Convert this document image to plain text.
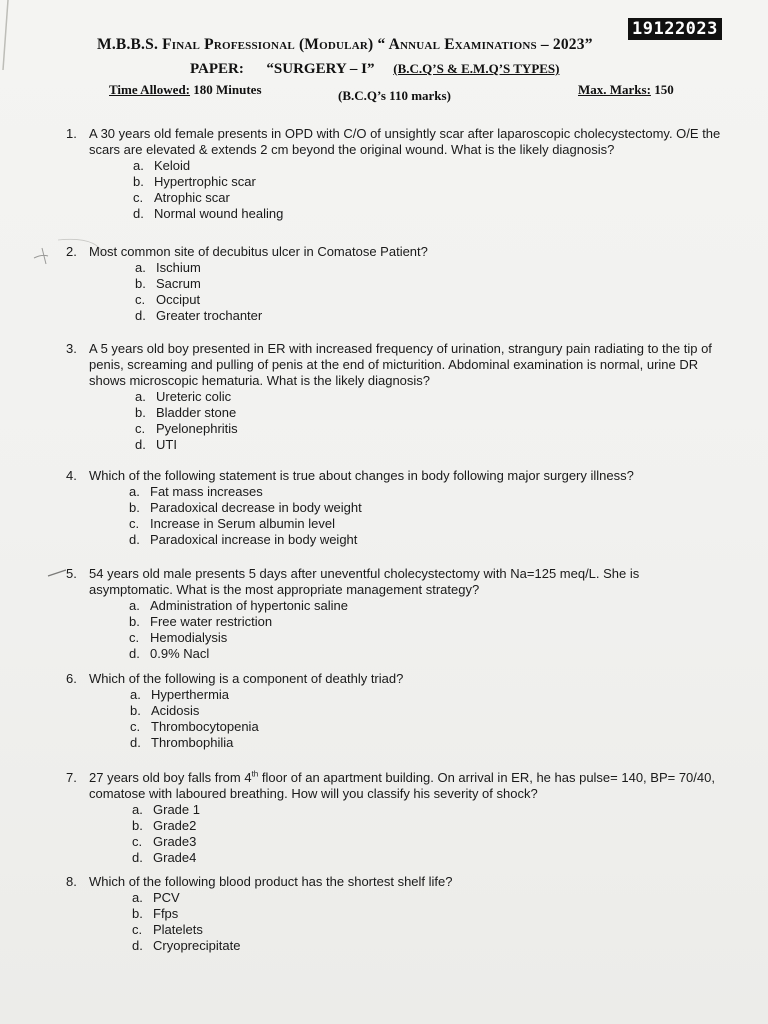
19122023
M.B.B.S. Final Professional (Modular) “ Annual Examinations – 2023”
PAPER: “SURGERY – I” (B.C.Q’S & E.M.Q’S TYPES)
Time Allowed: 180 Minutes	(B.C.Q’s 110 marks)	Max. Marks: 150
1. A 30 years old female presents in OPD with C/O of unsightly scar after laparoscopic cholecystectomy. O/E the scars are elevated & extends 2 cm beyond the original wound. What is the likely diagnosis?
a. Keloid
b. Hypertrophic scar
c. Atrophic scar
d. Normal wound healing
2. Most common site of decubitus ulcer in Comatose Patient?
a. Ischium
b. Sacrum
c. Occiput
d. Greater trochanter
3. A 5 years old boy presented in ER with increased frequency of urination, strangury pain radiating to the tip of penis, screaming and pulling of penis at the end of micturition. Abdominal examination is normal, urine DR shows microscopic hematuria. What is the likely diagnosis?
a. Ureteric colic
b. Bladder stone
c. Pyelonephritis
d. UTI
4. Which of the following statement is true about changes in body following major surgery illness?
a. Fat mass increases
b. Paradoxical decrease in body weight
c. Increase in Serum albumin level
d. Paradoxical increase in body weight
5. 54 years old male presents 5 days after uneventful cholecystectomy with Na=125 meq/L. She is asymptomatic. What is the most appropriate management strategy?
a. Administration of hypertonic saline
b. Free water restriction
c. Hemodialysis
d. 0.9% Nacl
6. Which of the following is a component of deathly triad?
a. Hyperthermia
b. Acidosis
c. Thrombocytopenia
d. Thrombophilia
7. 27 years old boy falls from 4th floor of an apartment building. On arrival in ER, he has pulse= 140, BP= 70/40, comatose with laboured breathing. How will you classify his severity of shock?
a. Grade 1
b. Grade2
c. Grade3
d. Grade4
8. Which of the following blood product has the shortest shelf life?
a. PCV
b. Ffps
c. Platelets
d. Cryoprecipitate
